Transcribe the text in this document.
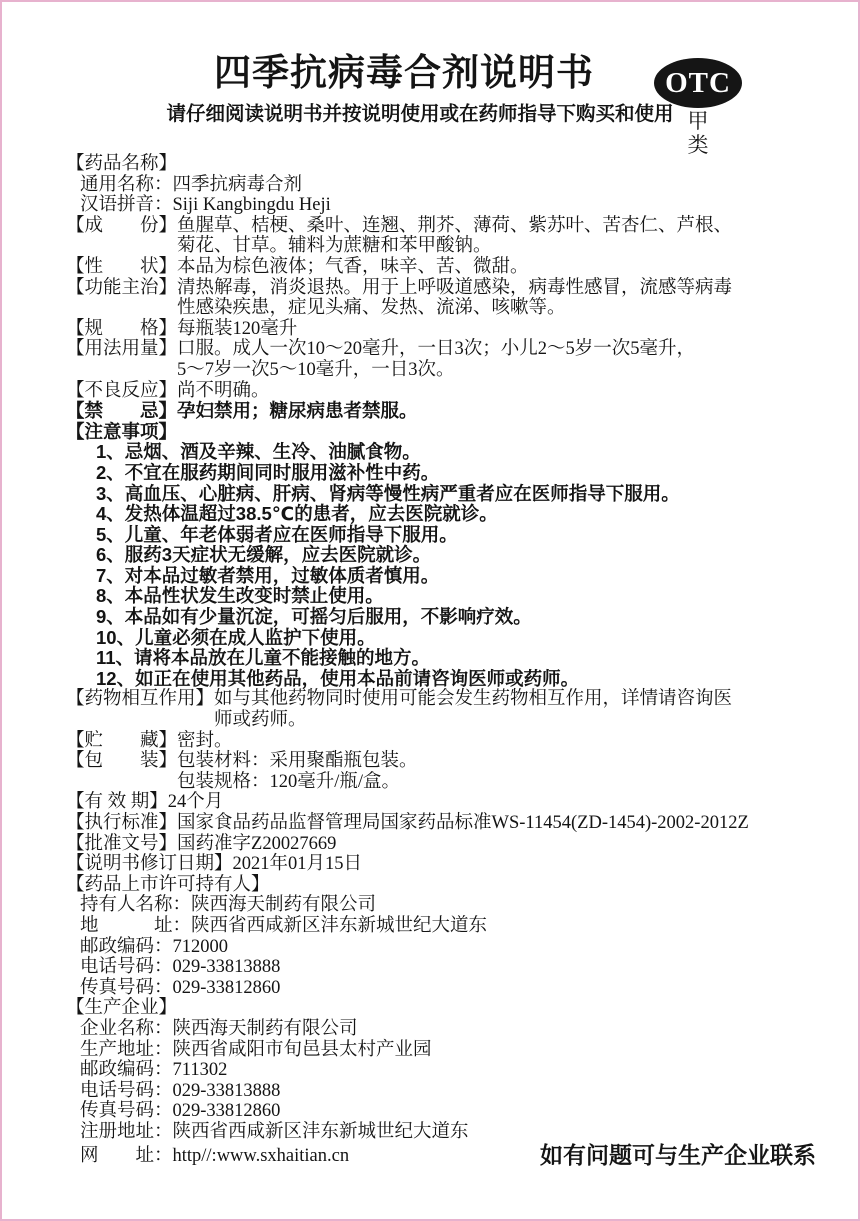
四季抗病毒合剂说明书	OTC
甲 类
请仔细阅读说明书并按说明使用或在药师指导下购买和使用
【药品名称】
通用名称：四季抗病毒合剂
汉语拼音：Siji Kangbingdu Heji
【成　　份】 鱼腥草、桔梗、桑叶、连翘、荆芥、薄荷、紫苏叶、苦杏仁、芦根、
菊花、甘草。辅料为蔗糖和苯甲酸钠。
【性　　状】 本品为棕色液体；气香，味辛、苦、微甜。
【功能主治】 清热解毒，消炎退热。用于上呼吸道感染，病毒性感冒，流感等病毒
性感染疾患，症见头痛、发热、流涕、咳嗽等。
【规　　格】 每瓶装120毫升
【用法用量】 口服。成人一次10～20毫升，一日3次；小儿2～5岁一次5毫升，
5～7岁一次5～10毫升，一日3次。
【不良反应】 尚不明确。
【禁　　忌】 孕妇禁用；糖尿病患者禁服。
【注意事项】
1、忌烟、酒及辛辣、生冷、油腻食物。
2、不宜在服药期间同时服用滋补性中药。
3、高血压、心脏病、肝病、肾病等慢性病严重者应在医师指导下服用。
4、发热体温超过38.5℃的患者，应去医院就诊。
5、儿童、年老体弱者应在医师指导下服用。
6、服药3天症状无缓解，应去医院就诊。
7、对本品过敏者禁用，过敏体质者慎用。
8、本品性状发生改变时禁止使用。
9、本品如有少量沉淀，可摇匀后服用，不影响疗效。
10、儿童必须在成人监护下使用。
11、请将本品放在儿童不能接触的地方。
12、如正在使用其他药品，使用本品前请咨询医师或药师。
【药物相互作用】 如与其他药物同时使用可能会发生药物相互作用，详情请咨询医
师或药师。
【贮　　藏】 密封。
【包　　装】 包装材料：采用聚酯瓶包装。
包装规格：120毫升/瓶/盒。
【有 效 期】 24个月
【执行标准】 国家食品药品监督管理局国家药品标准WS-11454(ZD-1454)-2002-2012Z
【批准文号】 国药准字Z20027669
【说明书修订日期】 2021年01月15日
【药品上市许可持有人】
持有人名称：陕西海天制药有限公司
地　　　址：陕西省西咸新区沣东新城世纪大道东
邮政编码：712000
电话号码：029-33813888
传真号码：029-33812860
【生产企业】
企业名称：陕西海天制药有限公司
生产地址：陕西省咸阳市旬邑县太村产业园
邮政编码：711302
电话号码：029-33813888
传真号码：029-33812860
注册地址：陕西省西咸新区沣东新城世纪大道东
网　　址：http//:www.sxhaitian.cn	如有问题可与生产企业联系
